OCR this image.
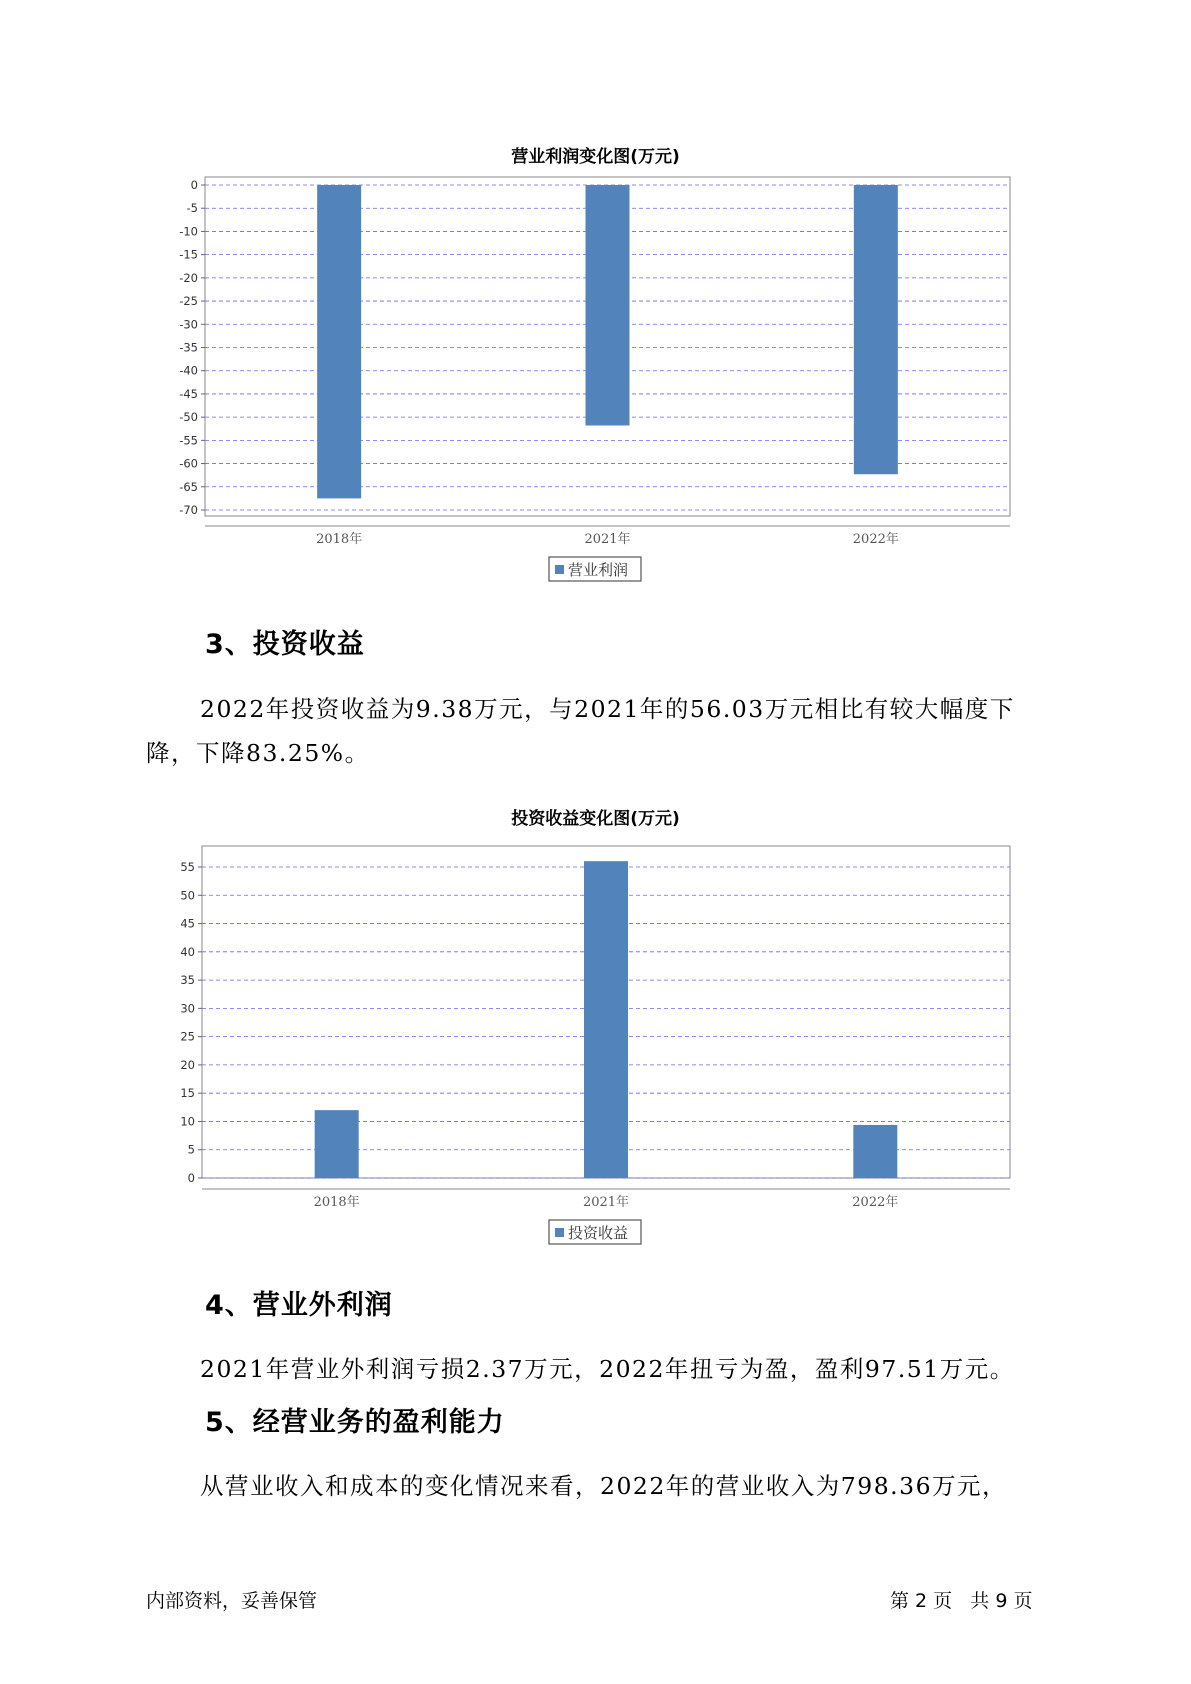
营业利润变化图(万元)
0
-5
-10
-15
-20
-25
-30
-35
-40
-45
-50
-55
-60
-65
-70
2018年	2021年	2022年
营业利润
3、投资收益
2022年投资收益为9.38万元，与2021年的56.03万元相比有较大幅度下
降，下降83.25%。
投资收益变化图(万元)
55
50
45
40
35
30
25
20
15
10
5
0
2018年	2021年	2022年
投资收益
4、营业外利润
2021年营业外利润亏损2.37万元，2022年扭亏为盈，盈利97.51万元。
5、经营业务的盈利能力
从营业收入和成本的变化情况来看，2022年的营业收入为798.36万元，
内部资料，妥善保管	第 2 页   共 9 页
